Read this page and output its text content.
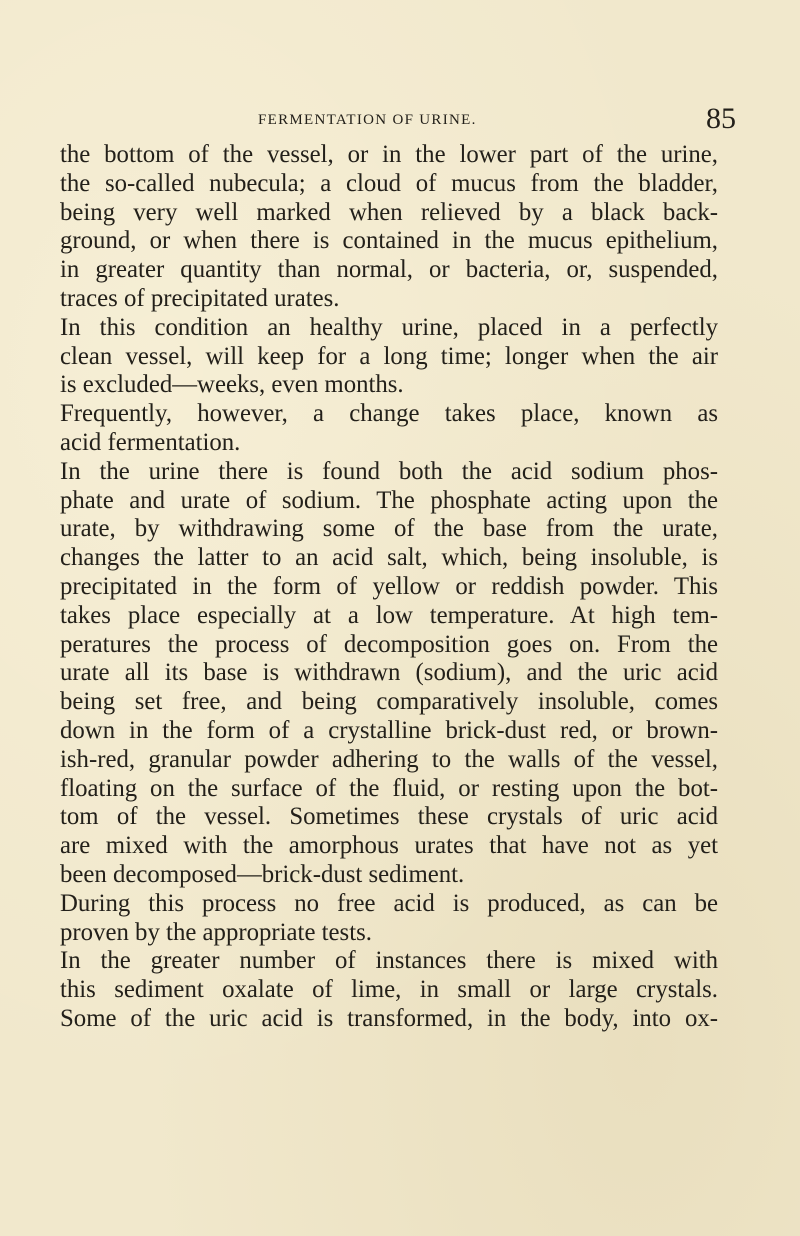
FERMENTATION OF URINE.	85
the bottom of the vessel, or in the lower part of the urine,
the so-called nubecula; a cloud of mucus from the bladder,
being very well marked when relieved by a black back-
ground, or when there is contained in the mucus epithelium,
in greater quantity than normal, or bacteria, or, suspended,
traces of precipitated urates.
In this condition an healthy urine, placed in a perfectly
clean vessel, will keep for a long time; longer when the air
is excluded—weeks, even months.
Frequently, however, a change takes place, known as
acid fermentation.
In the urine there is found both the acid sodium phos-
phate and urate of sodium. The phosphate acting upon the
urate, by withdrawing some of the base from the urate,
changes the latter to an acid salt, which, being insoluble, is
precipitated in the form of yellow or reddish powder. This
takes place especially at a low temperature. At high tem-
peratures the process of decomposition goes on. From the
urate all its base is withdrawn (sodium), and the uric acid
being set free, and being comparatively insoluble, comes
down in the form of a crystalline brick-dust red, or brown-
ish-red, granular powder adhering to the walls of the vessel,
floating on the surface of the fluid, or resting upon the bot-
tom of the vessel. Sometimes these crystals of uric acid
are mixed with the amorphous urates that have not as yet
been decomposed—brick-dust sediment.
During this process no free acid is produced, as can be
proven by the appropriate tests.
In the greater number of instances there is mixed with
this sediment oxalate of lime, in small or large crystals.
Some of the uric acid is transformed, in the body, into ox-
